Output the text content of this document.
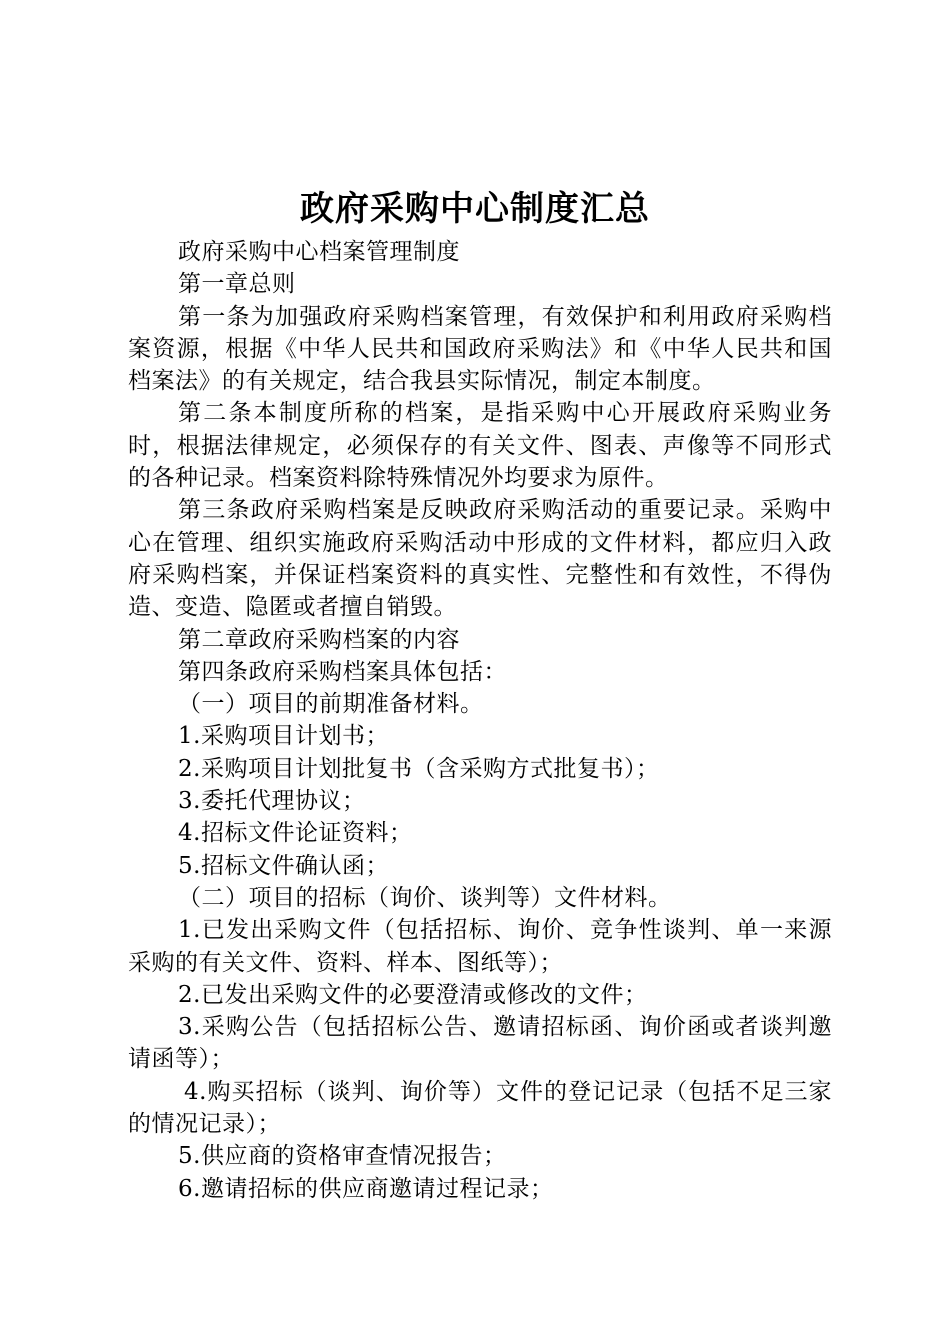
政府采购中心制度汇总

政府采购中心档案管理制度

第一章总则

第一条为加强政府采购档案管理，有效保护和利用政府采购档案资源，根据《中华人民共和国政府采购法》和《中华人民共和国档案法》的有关规定，结合我县实际情况，制定本制度。

第二条本制度所称的档案，是指采购中心开展政府采购业务时，根据法律规定，必须保存的有关文件、图表、声像等不同形式的各种记录。档案资料除特殊情况外均要求为原件。

第三条政府采购档案是反映政府采购活动的重要记录。采购中心在管理、组织实施政府采购活动中形成的文件材料，都应归入政府采购档案，并保证档案资料的真实性、完整性和有效性，不得伪造、变造、隐匿或者擅自销毁。

第二章政府采购档案的内容

第四条政府采购档案具体包括：

（一）项目的前期准备材料。

1.采购项目计划书；

2.采购项目计划批复书（含采购方式批复书）；

3.委托代理协议；

4.招标文件论证资料；

5.招标文件确认函；

（二）项目的招标（询价、谈判等）文件材料。

1.已发出采购文件（包括招标、询价、竞争性谈判、单一来源采购的有关文件、资料、样本、图纸等）；

2.已发出采购文件的必要澄清或修改的文件；

3.采购公告（包括招标公告、邀请招标函、询价函或者谈判邀请函等）；

4.购买招标（谈判、询价等）文件的登记记录（包括不足三家的情况记录）；

5.供应商的资格审查情况报告；

6.邀请招标的供应商邀请过程记录；
